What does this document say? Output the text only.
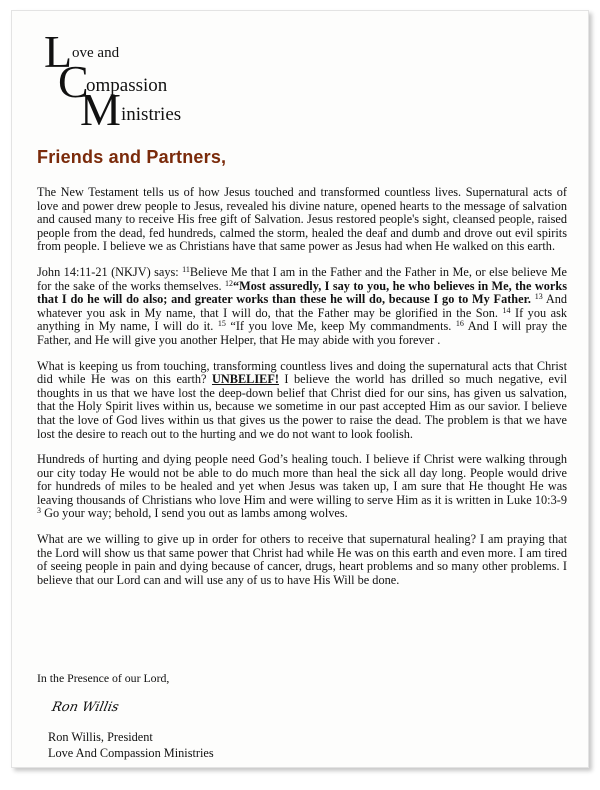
L ove and
C
ompassion
M inistries
Friends and Partners,

The New Testament tells us of how Jesus touched and transformed countless lives. Supernatural acts of love and power drew people to Jesus, revealed his divine nature, opened hearts to the message of salvation and caused many to receive His free gift of Salvation. Jesus restored people's sight, cleansed people, raised people from the dead, fed hundreds, calmed the storm, healed the deaf and dumb and drove out evil spirits from people. I believe we as Christians have that same power as Jesus had when He walked on this earth.

John 14:11-21 (NKJV) says: $^{11}$Believe Me that I am in the Father and the Father in Me, or else believe Me for the sake of the works themselves. $^{12}$“Most assuredly, I say to you, he who believes in Me, the works that I do he will do also; and greater works than these he will do, because I go to My Father. $^{13}$ And whatever you ask in My name, that I will do, that the Father may be glorified in the Son. $^{14}$ If you ask anything in My name, I will do it. $^{15}$ “If you love Me, keep My commandments. $^{16}$ And I will pray the Father, and He will give you another Helper, that He may abide with you forever .

What is keeping us from touching, transforming countless lives and doing the supernatural acts that Christ did while He was on this earth? UNBELIEF! I believe the world has drilled so much negative, evil thoughts in us that we have lost the deep-down belief that Christ died for our sins, has given us salvation, that the Holy Spirit lives within us, because we sometime in our past accepted Him as our savior. I believe that the love of God lives within us that gives us the power to raise the dead. The problem is that we have lost the desire to reach out to the hurting and we do not want to look foolish.

Hundreds of hurting and dying people need God’s healing touch. I believe if Christ were walking through our city today He would not be able to do much more than heal the sick all day long. People would drive for hundreds of miles to be healed and yet when Jesus was taken up, I am sure that He thought He was leaving thousands of Christians who love Him and were willing to serve Him as it is written in Luke 10:3-9 $^3$ Go your way; behold, I send you out as lambs among wolves.

What are we willing to give up in order for others to receive that supernatural healing? I am praying that the Lord will show us that same power that Christ had while He was on this earth and even more. I am tired of seeing people in pain and dying because of cancer, drugs, heart problems and so many other problems. I believe that our Lord can and will use any of us to have His Will be done.

In the Presence of our Lord,
Ron Willis
Ron Willis, President
Love And Compassion Ministries
